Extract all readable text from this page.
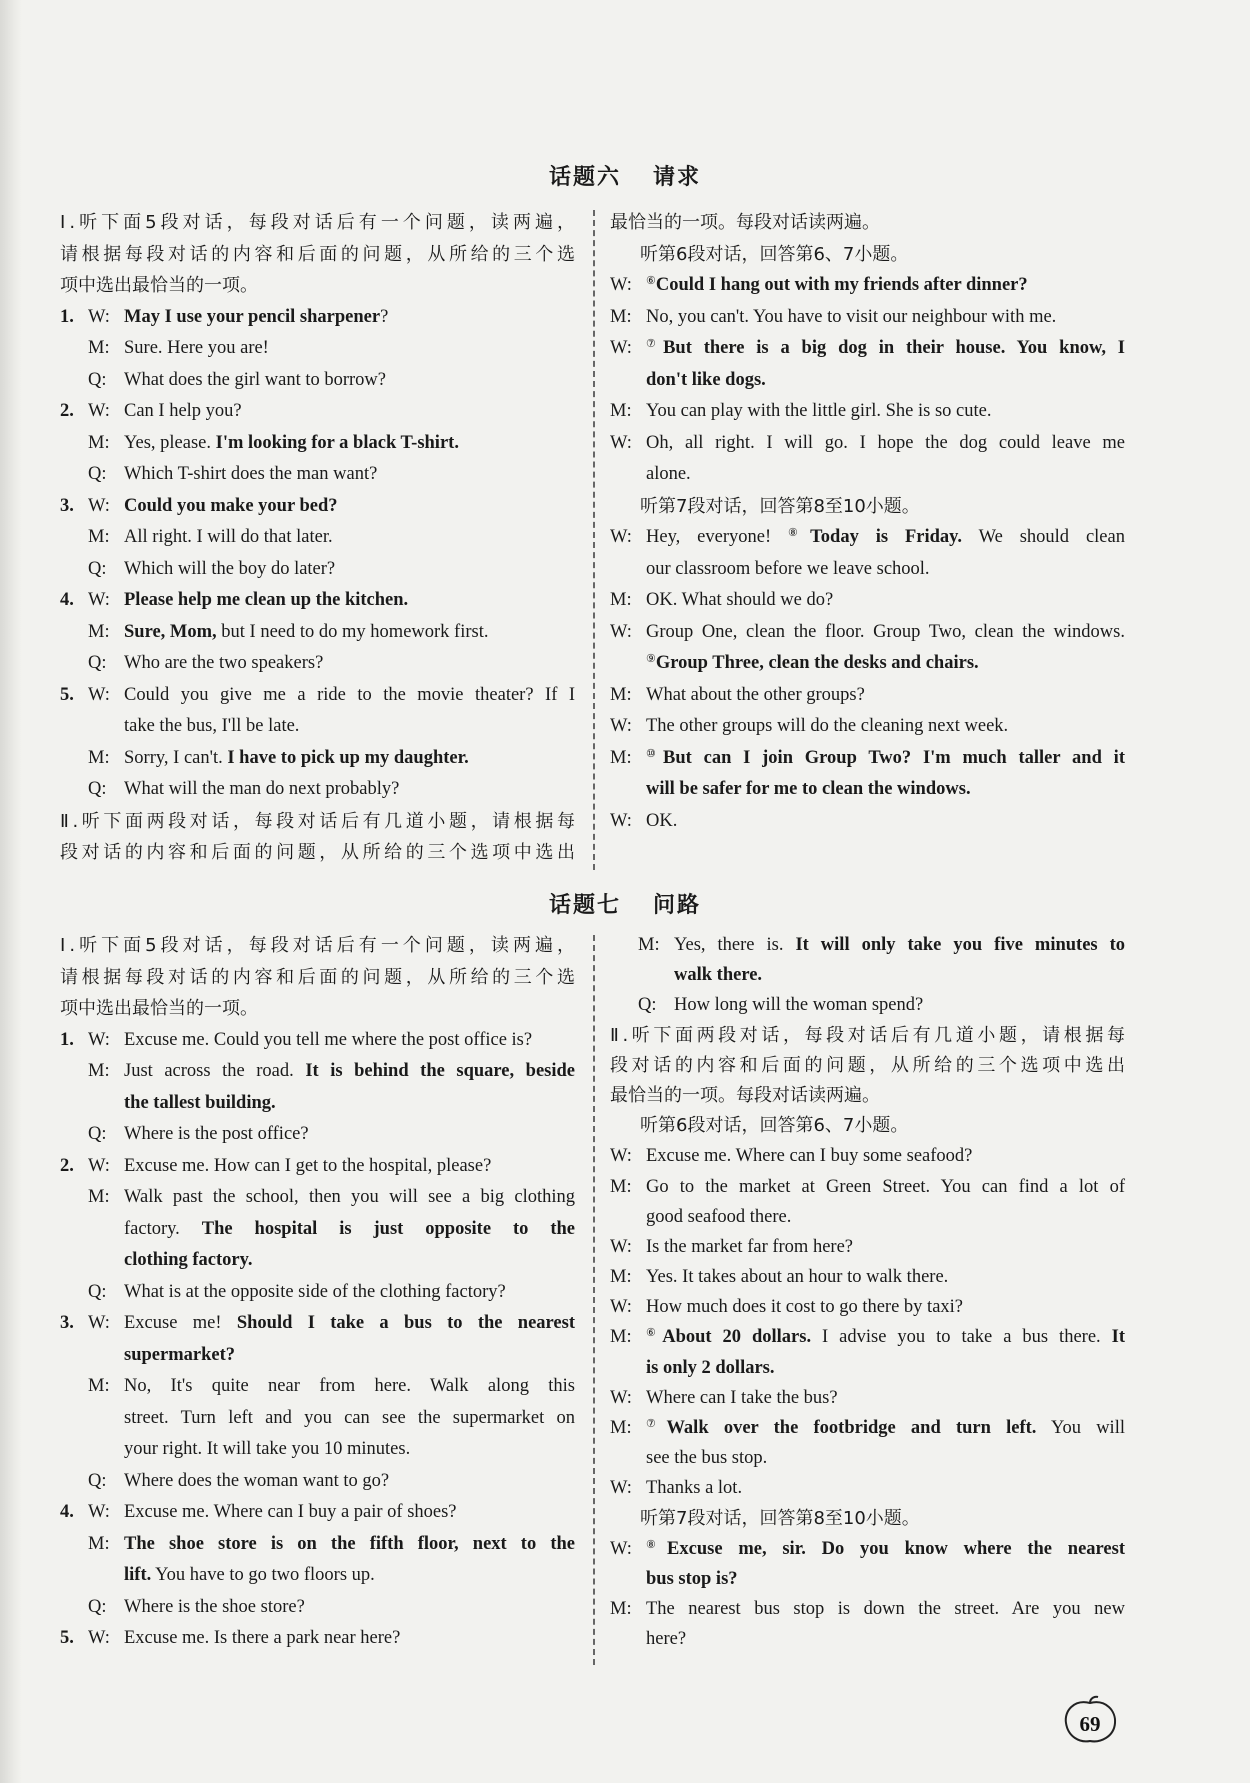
话题六 请求
Ⅰ.听下面5段对话，每段对话后有一个问题，读两遍，
请根据每段对话的内容和后面的问题，从所给的三个选
项中选出最恰当的一项。
1. W: May I use your pencil sharpener?
M: Sure. Here you are!
Q: What does the girl want to borrow?
2. W: Can I help you?
M: Yes, please. I'm looking for a black T-shirt.
Q: Which T-shirt does the man want?
3. W: Could you make your bed?
M: All right. I will do that later.
Q: Which will the boy do later?
4. W: Please help me clean up the kitchen.
M: Sure, Mom, but I need to do my homework first.
Q: Who are the two speakers?
5. W: Could you give me a ride to the movie theater? If I
take the bus, I'll be late.
M: Sorry, I can't. I have to pick up my daughter.
Q: What will the man do next probably?
Ⅱ.听下面两段对话，每段对话后有几道小题，请根据每
段对话的内容和后面的问题，从所给的三个选项中选出
最恰当的一项。每段对话读两遍。
听第6段对话，回答第6、7小题。
W: ⑥Could I hang out with my friends after dinner?
M: No, you can't. You have to visit our neighbour with me.
W: ⑦But there is a big dog in their house. You know, I
don't like dogs.
M: You can play with the little girl. She is so cute.
W: Oh, all right. I will go. I hope the dog could leave me
alone.
听第7段对话，回答第8至10小题。
W: Hey, everyone! ⑧Today is Friday. We should clean
our classroom before we leave school.
M: OK. What should we do?
W: Group One, clean the floor. Group Two, clean the windows.
⑨Group Three, clean the desks and chairs.
M: What about the other groups?
W: The other groups will do the cleaning next week.
M: ⑩But can I join Group Two? I'm much taller and it
will be safer for me to clean the windows.
W: OK.
话题七 问路
Ⅰ.听下面5段对话，每段对话后有一个问题，读两遍，
请根据每段对话的内容和后面的问题，从所给的三个选
项中选出最恰当的一项。
1. W: Excuse me. Could you tell me where the post office is?
M: Just across the road. It is behind the square, beside
the tallest building.
Q: Where is the post office?
2. W: Excuse me. How can I get to the hospital, please?
M: Walk past the school, then you will see a big clothing
factory. The hospital is just opposite to the
clothing factory.
Q: What is at the opposite side of the clothing factory?
3. W: Excuse me! Should I take a bus to the nearest
supermarket?
M: No, It's quite near from here. Walk along this
street. Turn left and you can see the supermarket on
your right. It will take you 10 minutes.
Q: Where does the woman want to go?
4. W: Excuse me. Where can I buy a pair of shoes?
M: The shoe store is on the fifth floor, next to the
lift. You have to go two floors up.
Q: Where is the shoe store?
5. W: Excuse me. Is there a park near here?
M: Yes, there is. It will only take you five minutes to
walk there.
Q: How long will the woman spend?
Ⅱ.听下面两段对话，每段对话后有几道小题，请根据每
段对话的内容和后面的问题，从所给的三个选项中选出
最恰当的一项。每段对话读两遍。
听第6段对话，回答第6、7小题。
W: Excuse me. Where can I buy some seafood?
M: Go to the market at Green Street. You can find a lot of
good seafood there.
W: Is the market far from here?
M: Yes. It takes about an hour to walk there.
W: How much does it cost to go there by taxi?
M: ⑥About 20 dollars. I advise you to take a bus there. It
is only 2 dollars.
W: Where can I take the bus?
M: ⑦Walk over the footbridge and turn left. You will
see the bus stop.
W: Thanks a lot.
听第7段对话，回答第8至10小题。
W: ⑧Excuse me, sir. Do you know where the nearest
bus stop is?
M: The nearest bus stop is down the street. Are you new
here?
69
